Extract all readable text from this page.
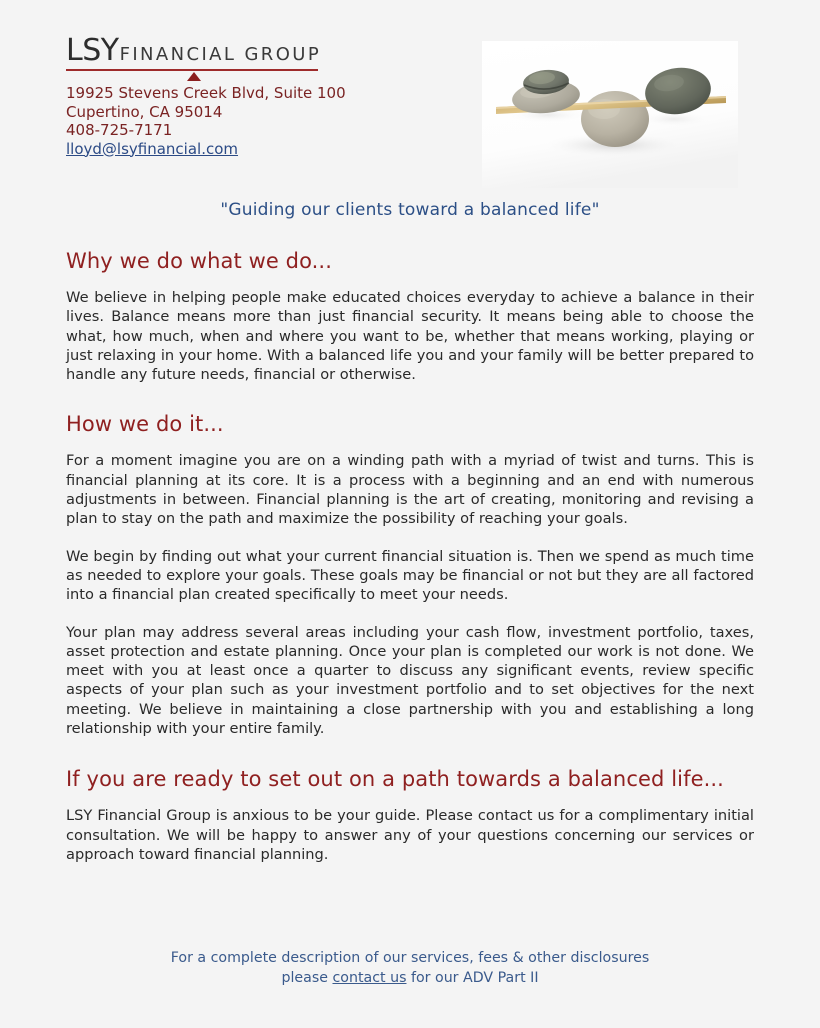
LSYFINANCIAL GROUP
19925 Stevens Creek Blvd, Suite 100
Cupertino, CA 95014
408-725-7171
lloyd@lsyfinancial.com
"Guiding our clients toward a balanced life"
Why we do what we do...

We believe in helping people make educated choices everyday to achieve a balance in their lives. Balance means more than just financial security. It means being able to choose the what, how much, when and where you want to be, whether that means working, playing or just relaxing in your home. With a balanced life you and your family will be better prepared to handle any future needs, financial or otherwise.

How we do it...

For a moment imagine you are on a winding path with a myriad of twist and turns. This is financial planning at its core. It is a process with a beginning and an end with numerous adjustments in between. Financial planning is the art of creating, monitoring and revising a plan to stay on the path and maximize the possibility of reaching your goals.

We begin by finding out what your current financial situation is. Then we spend as much time as needed to explore your goals. These goals may be financial or not but they are all factored into a financial plan created specifically to meet your needs.

Your plan may address several areas including your cash flow, investment portfolio, taxes, asset protection and estate planning. Once your plan is completed our work is not done. We meet with you at least once a quarter to discuss any significant events, review specific aspects of your plan such as your investment portfolio and to set objectives for the next meeting. We believe in maintaining a close partnership with you and establishing a long relationship with your entire family.

If you are ready to set out on a path towards a balanced life...

LSY Financial Group is anxious to be your guide. Please contact us for a complimentary initial consultation. We will be happy to answer any of your questions concerning our services or approach toward financial planning.

For a complete description of our services, fees & other disclosures
please contact us for our ADV Part II
